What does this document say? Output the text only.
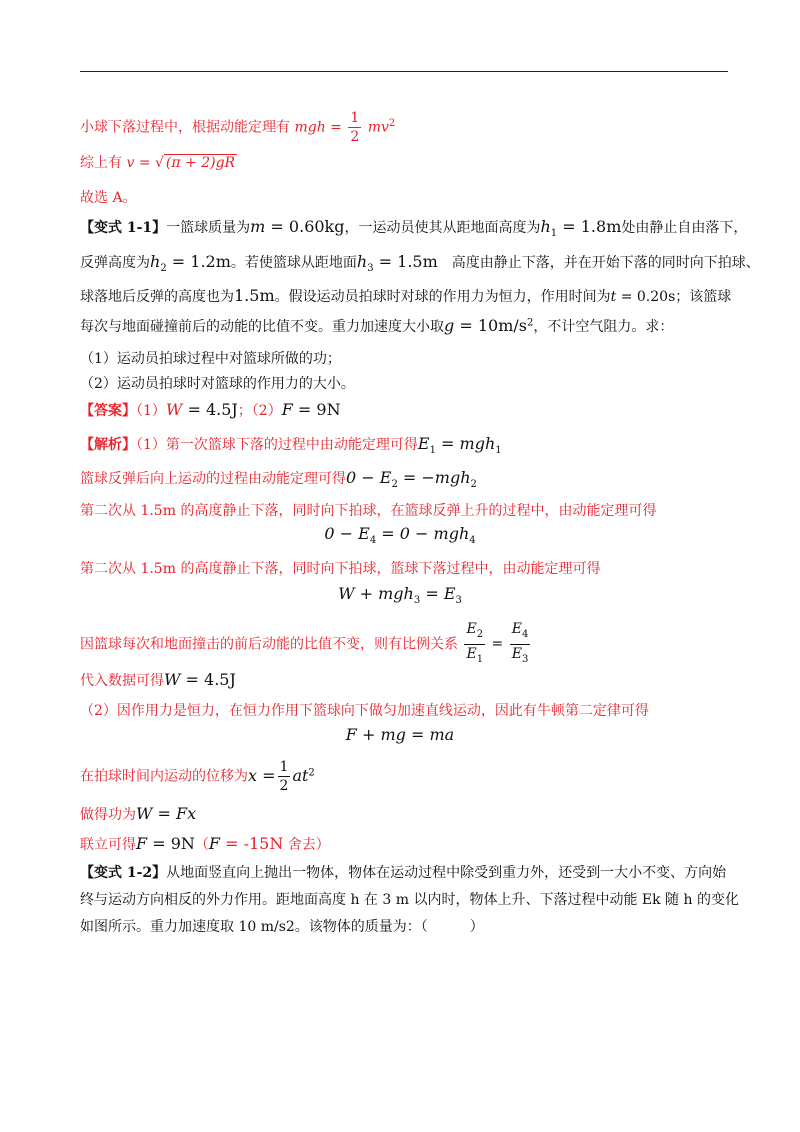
小球下落过程中，根据动能定理有 mgh = $\frac{1}{2} mv^2$
综上有 v = √ (π + 2)gR
故选 A。
【变式 1-1】一篮球质量为m = 0.60kg，一运动员使其从距地面高度为$h_1 = 1.8m$处由静止自由落下，
反弹高度为$h_2 = 1.2m$。若使篮球从距地面$h_3 = 1.5m$ 高度由静止下落，并在开始下落的同时向下拍球、
球落地后反弹的高度也为1.5m。假设运动员拍球时对球的作用力为恒力，作用时间为t = 0.20s；该篮球
每次与地面碰撞前后的动能的比值不变。重力加速度大小取$g = 10m/s^2$，不计空气阻力。求：
（1）运动员拍球过程中对篮球所做的功；
（2）运动员拍球时对篮球的作用力的大小。
【答案】（1）W = 4.5J；（2）F = 9N
【解析】（1）第一次篮球下落的过程中由动能定理可得$E_1 = mgh_1$
篮球反弹后向上运动的过程由动能定理可得$0 - E_2 = -mgh_2$
第二次从 1.5m 的高度静止下落，同时向下拍球，在篮球反弹上升的过程中，由动能定理可得
$0 - E_4 = 0 - mgh_4$
第二次从 1.5m 的高度静止下落，同时向下拍球，篮球下落过程中，由动能定理可得
$W + mgh_3 = E_3$
因篮球每次和地面撞击的前后动能的比值不变，则有比例关系 $\frac{E_2}{E_1} = \frac{E_4}{E_3}$
代入数据可得W = 4.5J
（2）因作用力是恒力，在恒力作用下篮球向下做匀加速直线运动，因此有牛顿第二定律可得
F + mg = ma
在拍球时间内运动的位移为$x = \frac{1}{2} at^2$
做得功为W = Fx
联立可得F = 9N（F = -15N 舍去）
【变式 1-2】从地面竖直向上抛出一物体，物体在运动过程中除受到重力外，还受到一大小不变、方向始
终与运动方向相反的外力作用。距地面高度 h 在 3 m 以内时，物体上升、下落过程中动能 Ek 随 h 的变化
如图所示。重力加速度取 10 m/s2。该物体的质量为：（　　　）
